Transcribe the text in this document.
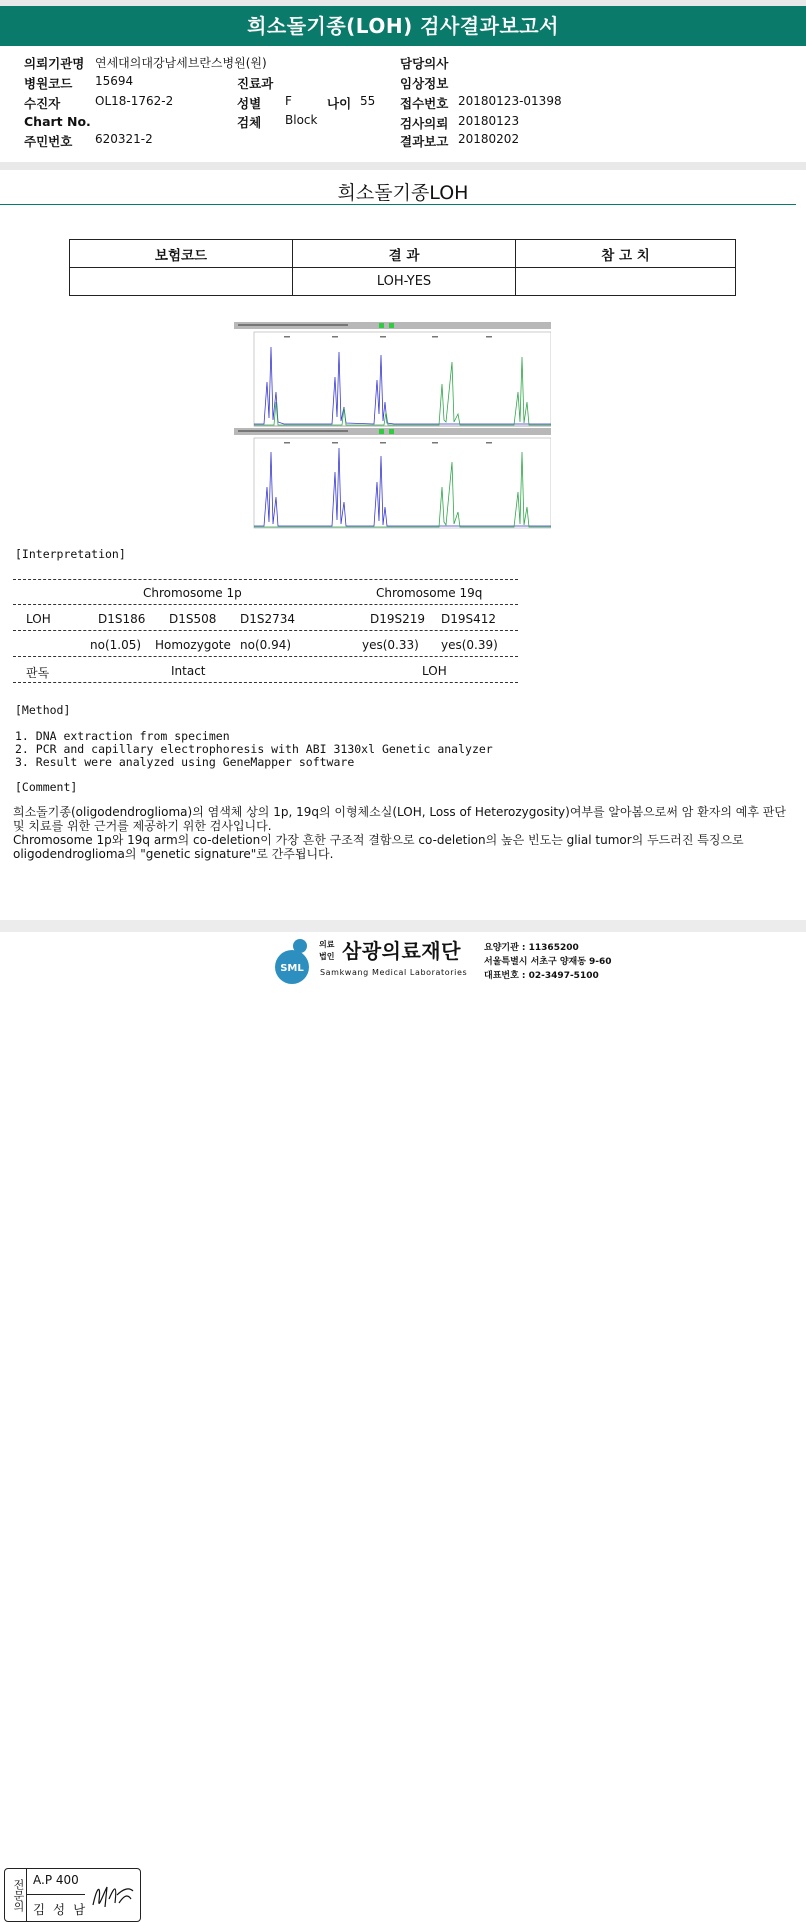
희소돌기종(LOH) 검사결과보고서
의뢰기관명 연세대의대강남세브란스병원(원)
병원코드 15694
수진자	OL18-1762-2
Chart No.
주민번호 620321-2
진료과
성별 F	나이 55
검체 Block
담당의사
임상정보
접수번호 20180123-01398
검사의뢰 20180123
결과보고 20180202
희소돌기종LOH
보험코드	결 과	참 고 치
	LOH-YES	
[Interpretation]
Chromosome 1p	Chromosome 19q
LOH	D1S186 D1S508 D1S2734	D19S219 D19S412
no(1.05) Homozygote no(0.94)	yes(0.33) yes(0.39)
판독	Intact	LOH
[Method]
1. DNA extraction from specimen
2. PCR and capillary electrophoresis with ABI 3130xl Genetic analyzer
3. Result were analyzed using GeneMapper software
[Comment]
희소돌기종(oligodendroglioma)의 염색체 상의 1p, 19q의 이형체소실(LOH, Loss of Heterozygosity)여부를 알아봄으로써 암 환자의 예후 판단 및 치료를 위한 근거를 제공하기 위한 검사입니다.
Chromosome 1p와 19q arm의 co-deletion이 가장 흔한 구조적 결함으로 co-deletion의 높은 빈도는 glial tumor의 두드러진 특징으로 oligodendroglioma의 "genetic signature"로 간주됩니다.
전문의 A.P 400
김 성 남
SML
의료
법인 삼광의료재단
Samkwang Medical Laboratories
요양기관 : 11365200
서울특별시 서초구 양재동 9-60
대표번호 : 02-3497-5100
